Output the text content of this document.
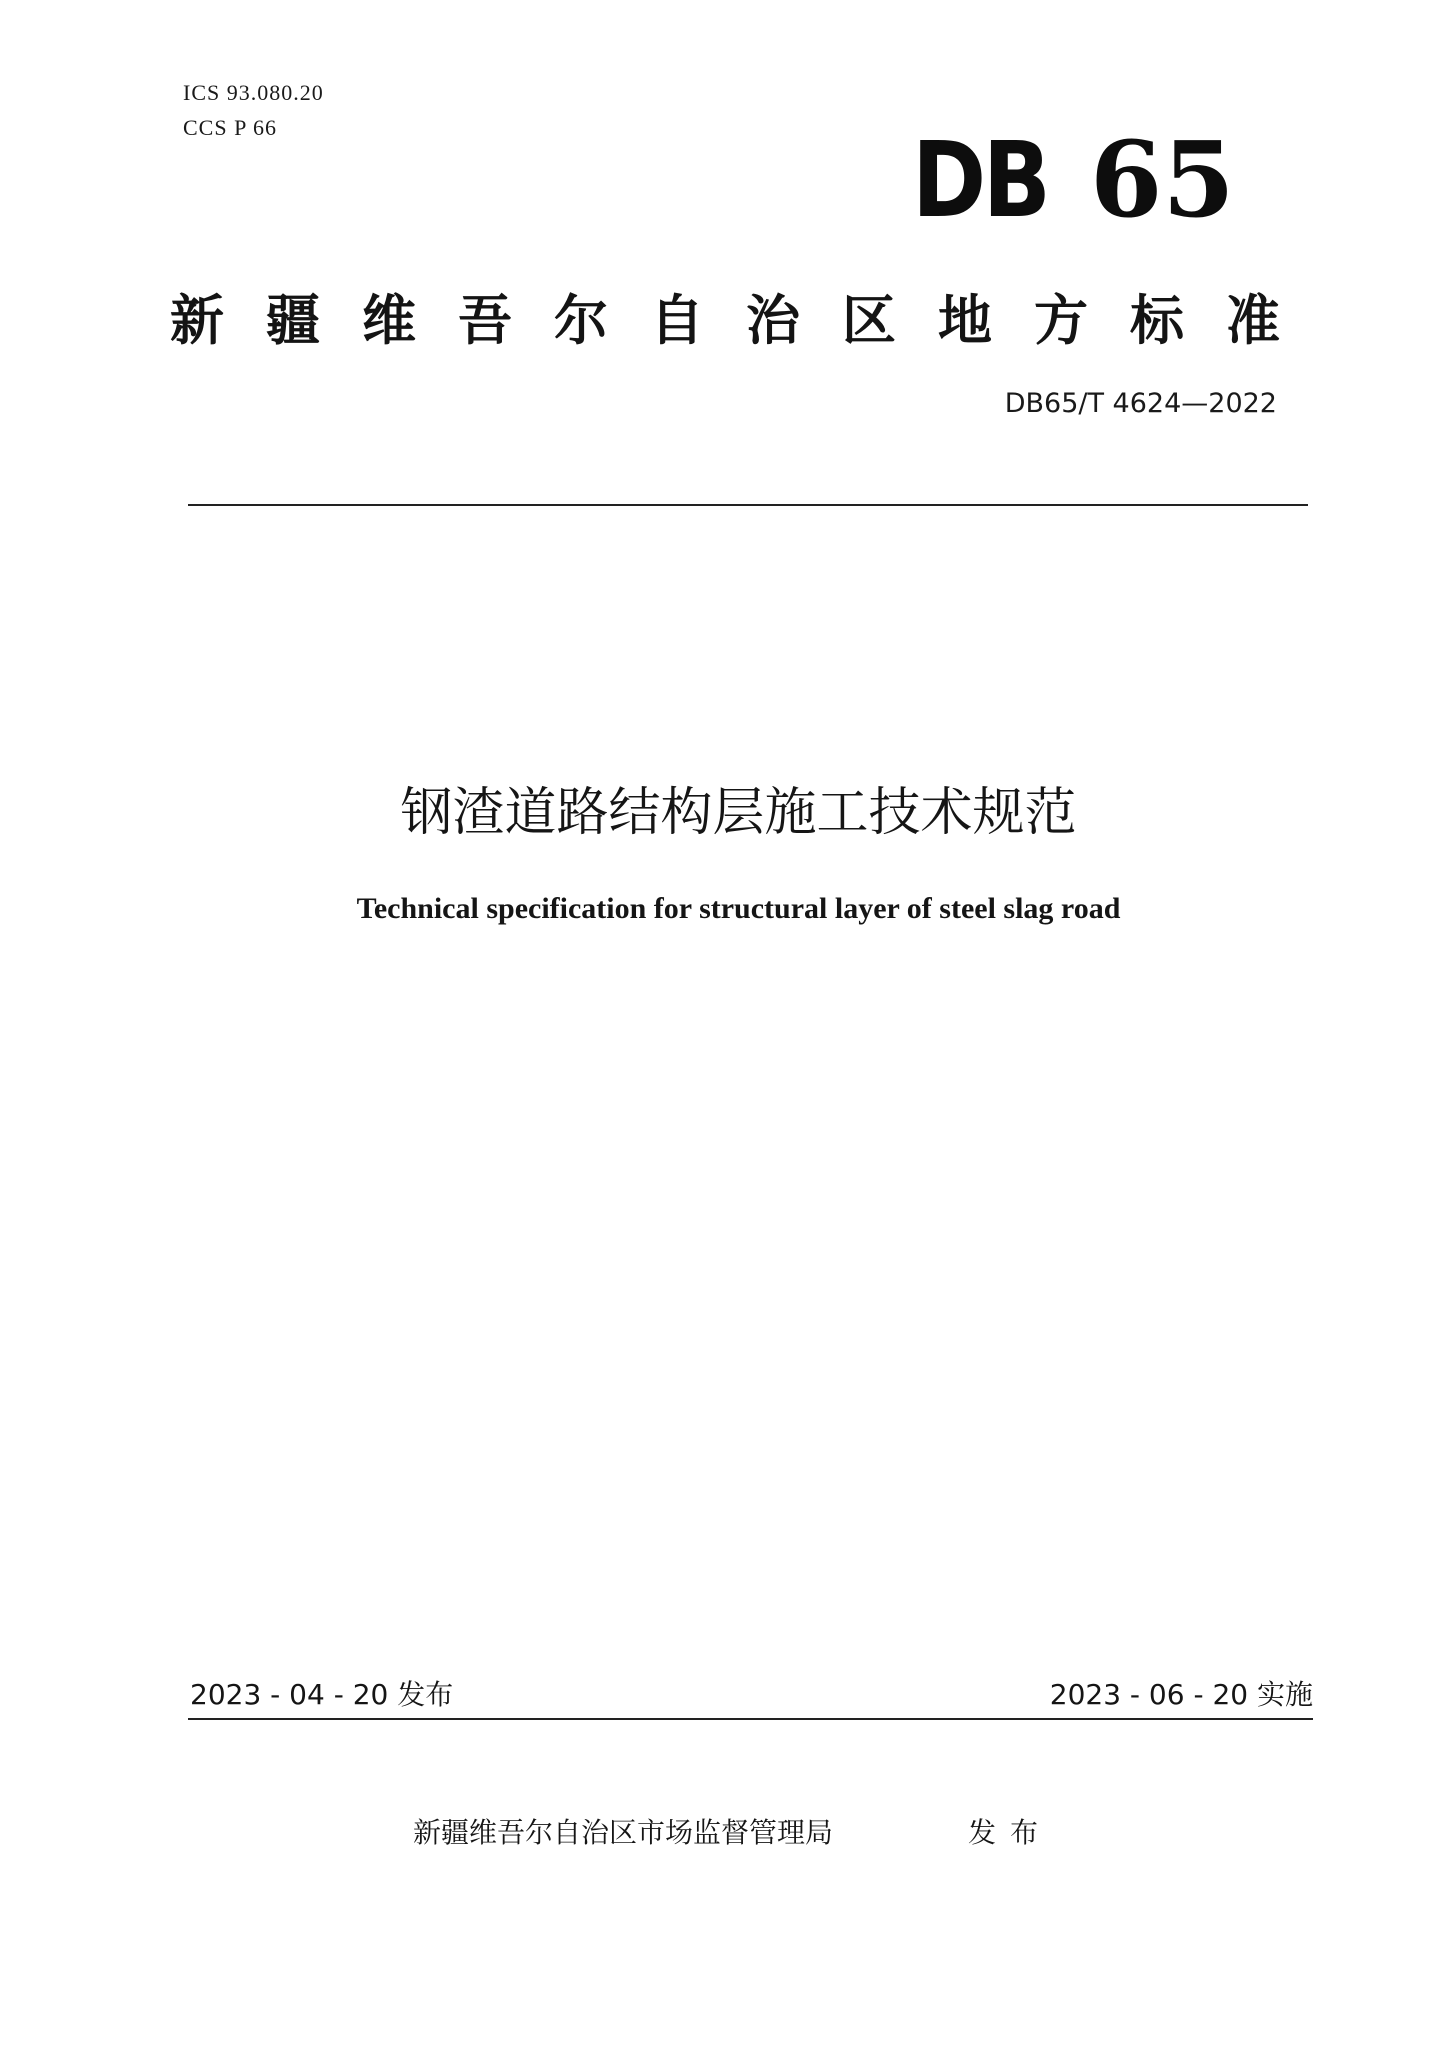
ICS 93.080.20
CCS P 66	DB 65
新疆维吾尔自治区地方标准
DB65/T 4624—2022
钢渣道路结构层施工技术规范
Technical specification for structural layer of steel slag road
2023 - 04 - 20 发布	2023 - 06 - 20 实施
新疆维吾尔自治区市场监督管理局	发布
